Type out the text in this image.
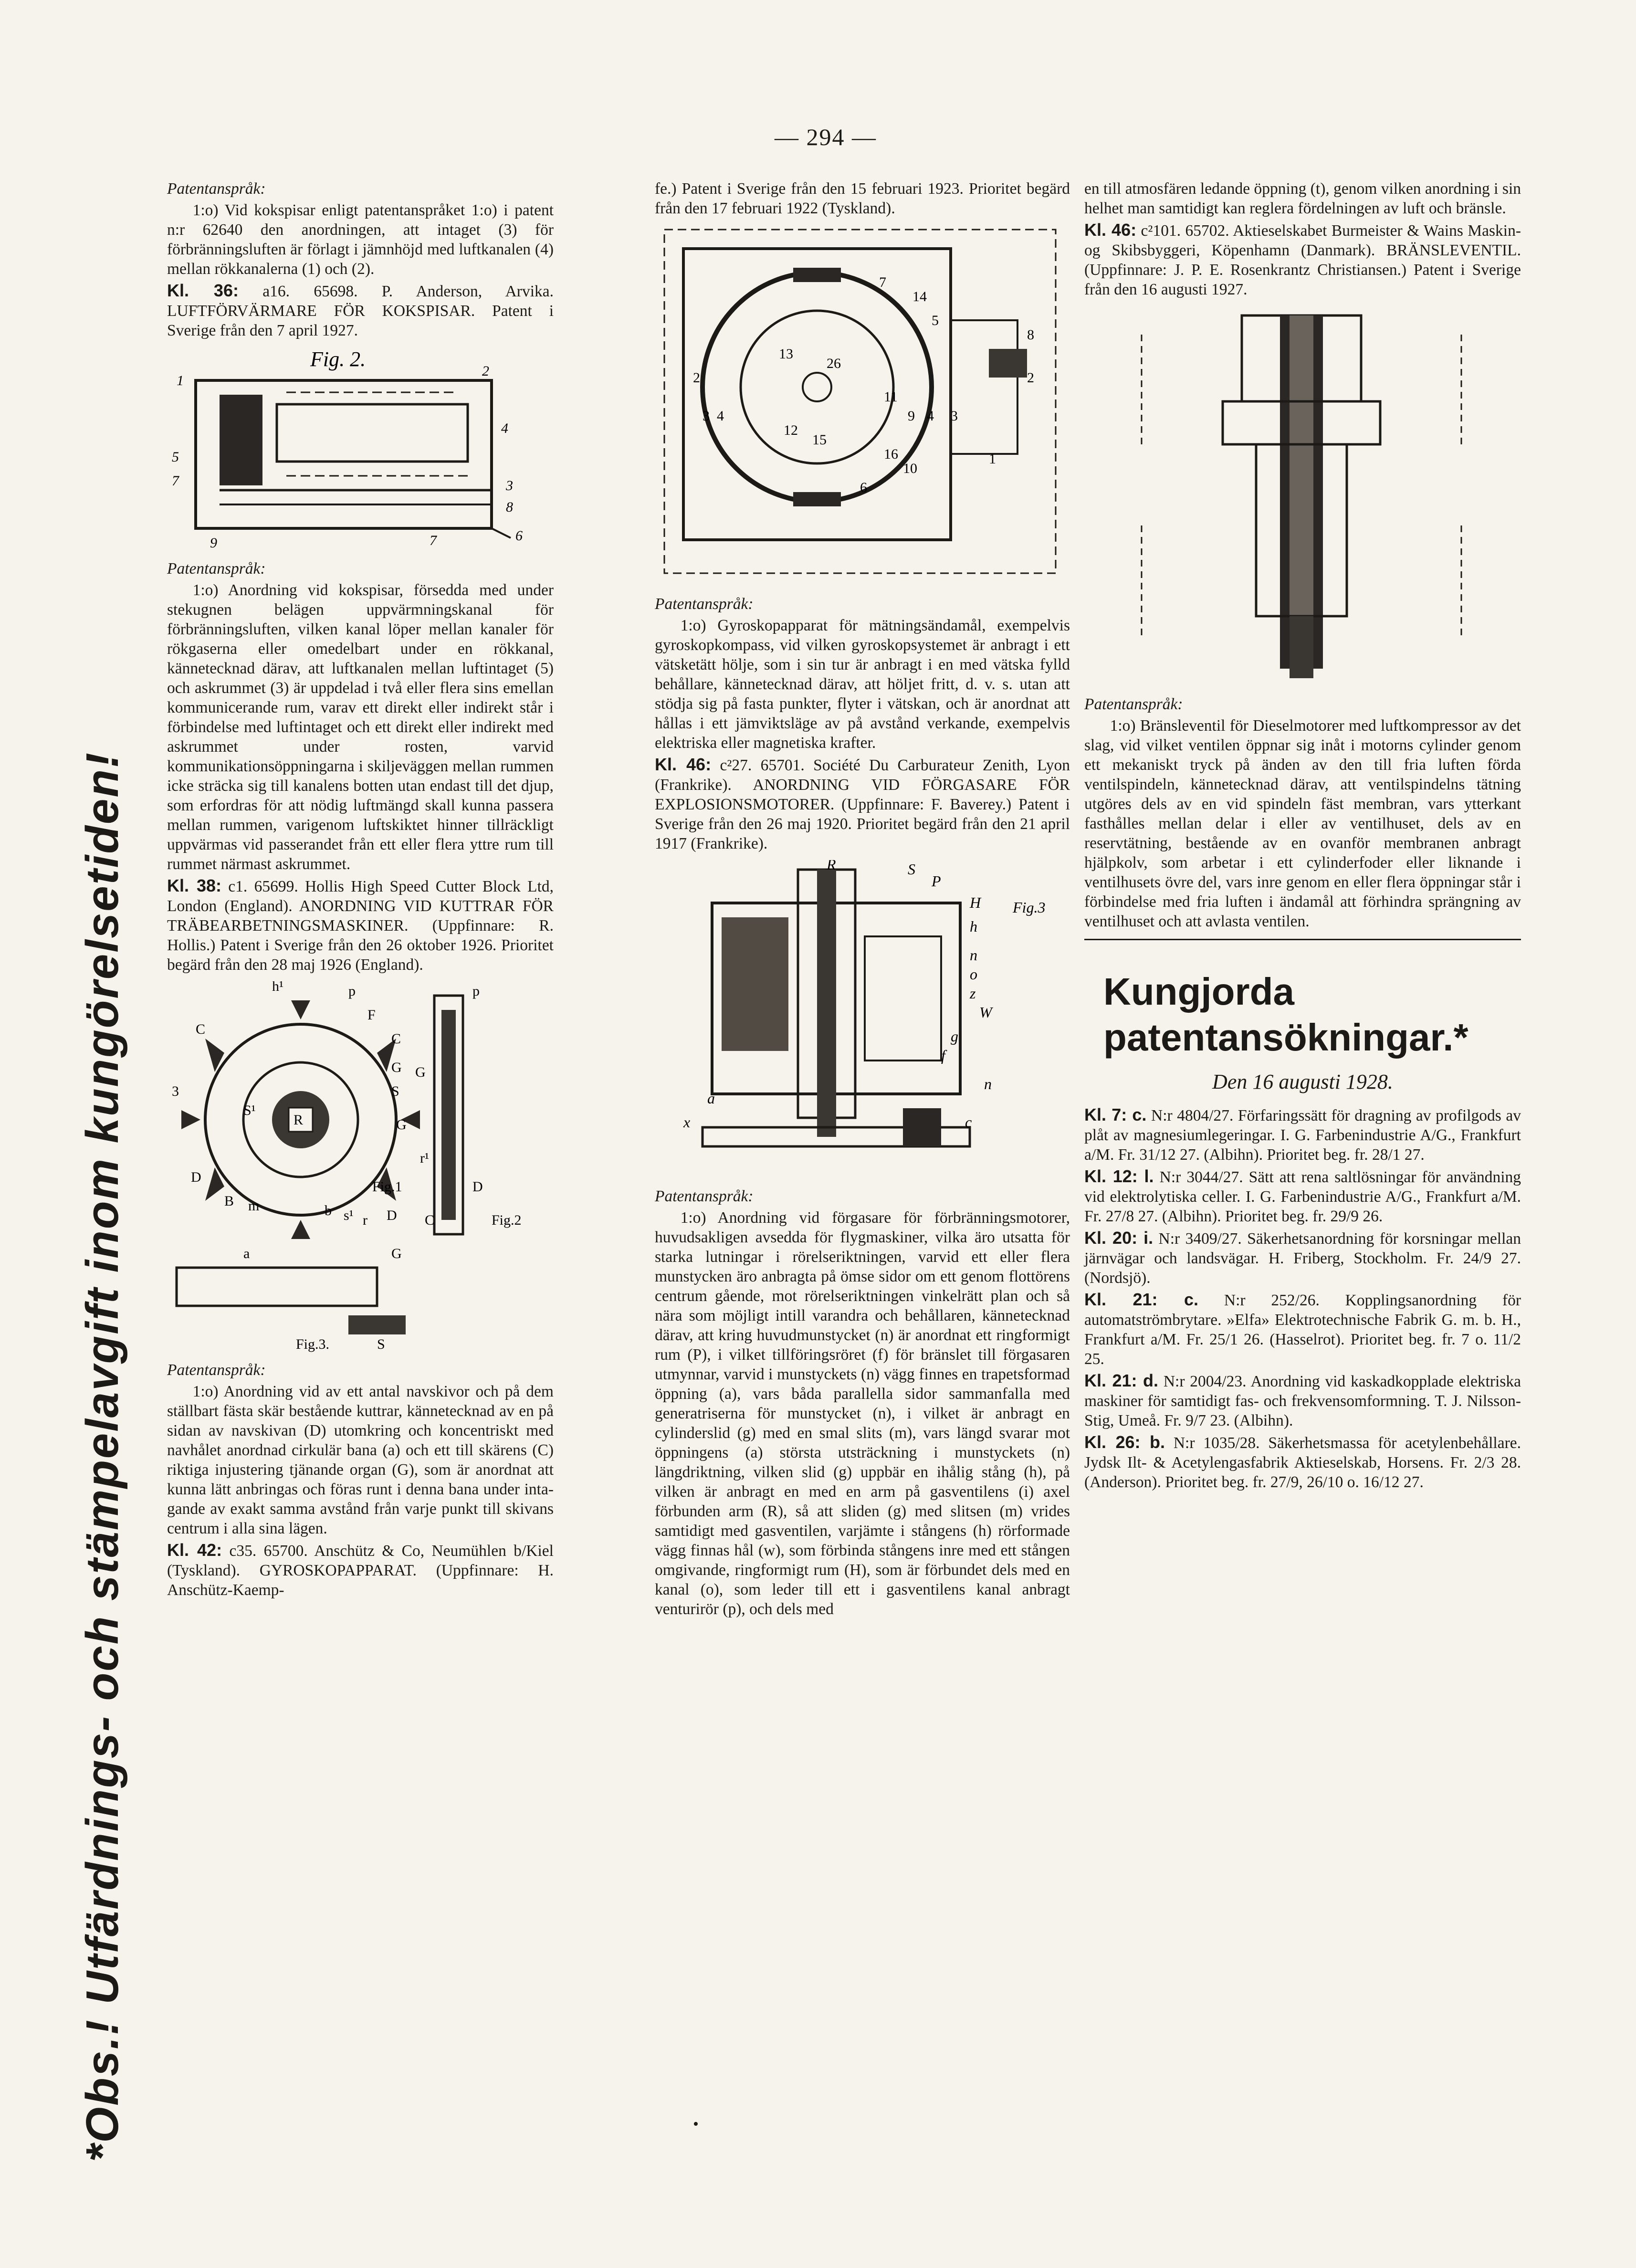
— 294 —
*Obs.! Utfärdnings- och stämpelavgift inom kungörelsetiden!

Patentanspråk:

1:o) Vid kokspisar enligt patentanspråket 1:o) i patent n:r 62640 den anordningen, att intaget (3) för förbränningsluften är förlagt i jämnhöjd med luftkanalen (4) mellan rökkanalerna (1) och (2).

Kl. 36: a16. 65698. P. Anderson, Arvika. LUFTFÖRVÄRMARE FÖR KOKSPISAR. Patent i Sverige från den 7 april 1927.

Fig. 2.
1
2
4
3
8
5
7
9	7	6

Patentanspråk:

1:o) Anordning vid kokspisar, försedda med under stekugnen belägen uppvärmningskanal för förbränningsluften, vilken kanal löper mellan kanaler för rökgaserna eller omedelbart under en rökkanal, kännetecknad därav, att luftkanalen mellan luftintaget (5) och askrummet (3) är uppdelad i två eller flera sins emellan kommunicerande rum, varav ett direkt eller indirekt står i förbindelse med luftintaget och ett direkt eller indirekt med askrummet under rosten, varvid kommunikationsöppningarna i skiljeväggen mellan rummen icke sträcka sig till kanalens botten utan endast till det djup, som erfordras för att nödig luftmängd skall kunna passera mellan rummen, varigenom luftskiktet hinner tillräckligt uppvärmas vid passerandet från ett eller flera yttre rum till rummet närmast askrummet.

Kl. 38: c1. 65699. Hollis High Speed Cutter Block Ltd, London (England). ANORDNING VID KUTTRAR FÖR TRÄBEARBETNINGSMASKINER. (Uppfinnare: R. Hollis.) Patent i Sverige från den 26 oktober 1926. Prioritet begärd från den 28 maj 1926 (England).

h¹	p
C
F
C
G
S
3
S¹
R	G
D
m
B
Fig.1
b s¹ r D
a	G
Fig.3.	S
p
G
r¹
D
C	Fig.2

Patentanspråk:

1:o) Anordning vid av ett antal navskivor och på dem ställbart fästa skär bestående kuttrar, kännetecknad av en på sidan av navskivan (D) utomkring och koncentriskt med navhålet anordnad cirkulär bana (a) och ett till skärens (C) riktiga injustering tjänande organ (G), som är anordnat att kunna lätt anbringas och föras runt i denna bana under intagande av exakt samma avstånd från varje punkt till skivans centrum i alla sina lägen.

Kl. 42: c35. 65700. Anschütz & Co, Neumühlen b/Kiel (Tyskland). GYROSKOPAPPARAT. (Uppfinnare: H. Anschütz-Kaemp-

fe.) Patent i Sverige från den 15 februari 1923. Prioritet begärd från den 17 februari 1922 (Tyskland).

7
14
5
8
13
26
2	2
11
9 4 3
3 4
12
15
16
10
1
6

Patentanspråk:

1:o) Gyroskopapparat för mätningsändamål, exempelvis gyroskopkompass, vid vilken gyroskopsystemet är anbragt i ett vätsketätt hölje, som i sin tur är anbragt i en med vätska fylld behållare, kännetecknad därav, att höljet fritt, d. v. s. utan att stödja sig på fasta punkter, flyter i vätskan, och är anordnat att hållas i ett jämviktsläge av på avstånd verkande, exempelvis elektriska eller magnetiska krafter.

Kl. 46: c²27. 65701. Société Du Carburateur Zenith, Lyon (Frankrike). ANORDNING VID FÖRGASARE FÖR EXPLOSIONSMOTORER. (Uppfinnare: F. Baverey.) Patent i Sverige från den 26 maj 1920. Prioritet begärd från den 21 april 1917 (Frankrike).

R	S
P
H
h
Fig.3
n
o
z
W
g
f
x
a
n
c

Patentanspråk:

1:o) Anordning vid förgasare för förbränningsmotorer, huvudsakligen avsedda för flygmaskiner, vilka äro utsatta för starka lutningar i rörelseriktningen, varvid ett eller flera munstycken äro anbragta på ömse sidor om ett genom flottörens centrum gående, mot rörelseriktningen vinkelrätt plan och så nära som möjligt intill varandra och behållaren, kännetecknad därav, att kring huvudmunstycket (n) är anordnat ett ringformigt rum (P), i vilket tillföringsröret (f) för bränslet till förgasaren utmynnar, varvid i munstyckets (n) vägg finnes en trapetsformad öppning (a), vars båda parallella sidor sammanfalla med generatriserna för munstycket (n), i vilket är anbragt en cylinderslid (g) med en smal slits (m), vars längd svarar mot öppningens (a) största utsträckning i munstyckets (n) längdriktning, vilken slid (g) uppbär en ihålig stång (h), på vilken är anbragt en med en arm på gasventilens (i) axel förbunden arm (R), så att sliden (g) med slitsen (m) vrides samtidigt med gasventilen, varjämte i stångens (h) rörformade vägg finnas hål (w), som förbinda stångens inre med ett stången omgivande, ringformigt rum (H), som är förbundet dels med en kanal (o), som leder till ett i gasventilens kanal anbragt venturirör (p), och dels med

en till atmosfären ledande öppning (t), genom vilken anordning i sin helhet man samtidigt kan reglera fördelningen av luft och bränsle.

Kl. 46: c²101. 65702. Aktieselskabet Burmeister & Wains Maskin- og Skibsbyggeri, Köpenhamn (Danmark). BRÄNSLEVENTIL. (Uppfinnare: J. P. E. Rosenkrantz Christiansen.) Patent i Sverige från den 16 augusti 1927.

Patentanspråk:

1:o) Bränsleventil för Dieselmotorer med luftkompressor av det slag, vid vilket ventilen öppnar sig inåt i motorns cylinder genom ett mekaniskt tryck på änden av den till fria luften förda ventilspindeln, kännetecknad därav, att ventilspindelns tätning utgöres dels av en vid spindeln fäst membran, vars ytterkant fasthålles mellan delar i eller av ventilhuset, dels av en reservtätning, bestående av en ovanför membranen anbragt hjälpkolv, som arbetar i ett cylinderfoder eller liknande i ventilhusets övre del, vars inre genom en eller flera öppningar står i förbindelse med fria luften i ändamål att förhindra sprängning av ventilhuset och att avlasta ventilen.

Kungjorda patentansökningar.*
Den 16 augusti 1928.

Kl. 7: c. N:r 4804/27. Förfaringssätt för dragning av profilgods av plåt av magnesiumlegeringar. I. G. Farbenindustrie A/G., Frankfurt a/M. Fr. 31/12 27. (Albihn). Prioritet beg. fr. 28/1 27.

Kl. 12: l. N:r 3044/27. Sätt att rena saltlösningar för användning vid elektrolytiska celler. I. G. Farbenindustrie A/G., Frankfurt a/M. Fr. 27/8 27. (Albihn). Prioritet beg. fr. 29/9 26.

Kl. 20: i. N:r 3409/27. Säkerhetsanordning för korsningar mellan järnvägar och landsvägar. H. Friberg, Stockholm. Fr. 24/9 27. (Nordsjö).

Kl. 21: c. N:r 252/26. Kopplingsanordning för automatströmbrytare. »Elfa» Elektrotechnische Fabrik G. m. b. H., Frankfurt a/M. Fr. 25/1 26. (Hasselrot). Prioritet beg. fr. 7 o. 11/2 25.

Kl. 21: d. N:r 2004/23. Anordning vid kaskadkopplade elektriska maskiner för samtidigt fas- och frekvensomformning. T. J. Nilsson-Stig, Umeå. Fr. 9/7 23. (Albihn).

Kl. 26: b. N:r 1035/28. Säkerhetsmassa för acetylenbehållare. Jydsk Ilt- & Acetylengasfabrik Aktieselskab, Horsens. Fr. 2/3 28. (Anderson). Prioritet beg. fr. 27/9, 26/10 o. 16/12 27.

•
